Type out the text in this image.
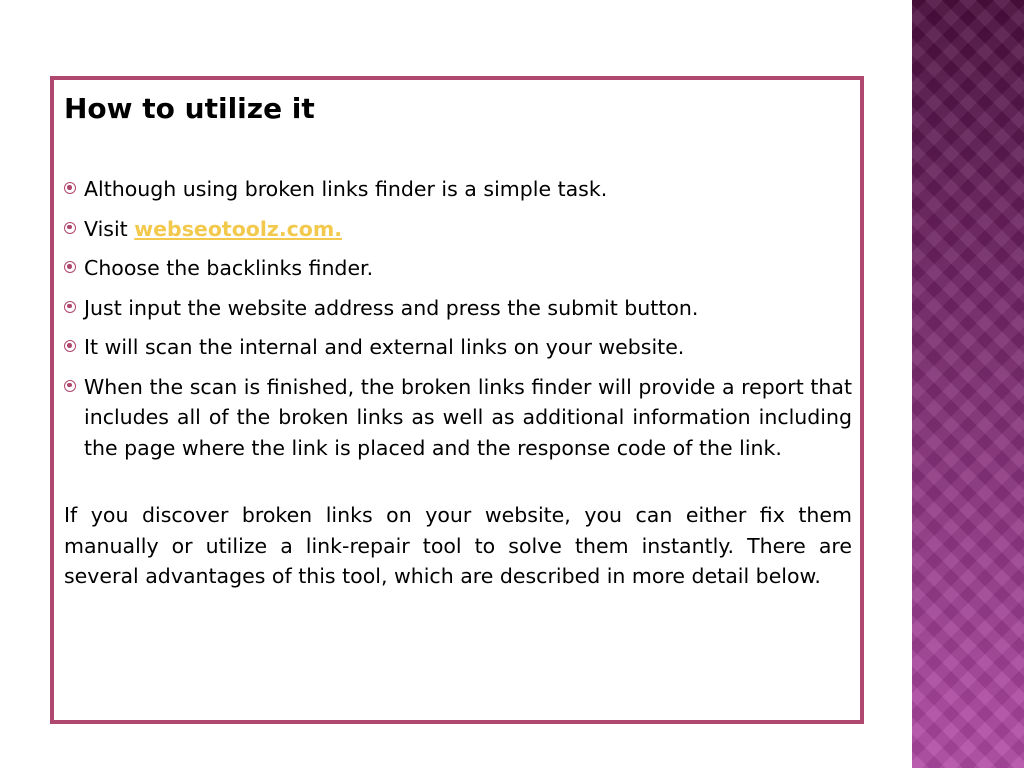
How to utilize it
Although using broken links finder is a simple task.
Visit webseotoolz.com.
Choose the backlinks finder.
Just input the website address and press the submit button.
It will scan the internal and external links on your website.
When the scan is finished, the broken links finder will provide a report that includes all of the broken links as well as additional information including the page where the link is placed and the response code of the link.

If you discover broken links on your website, you can either fix them manually or utilize a link-repair tool to solve them instantly. There are several advantages of this tool, which are described in more detail below.
